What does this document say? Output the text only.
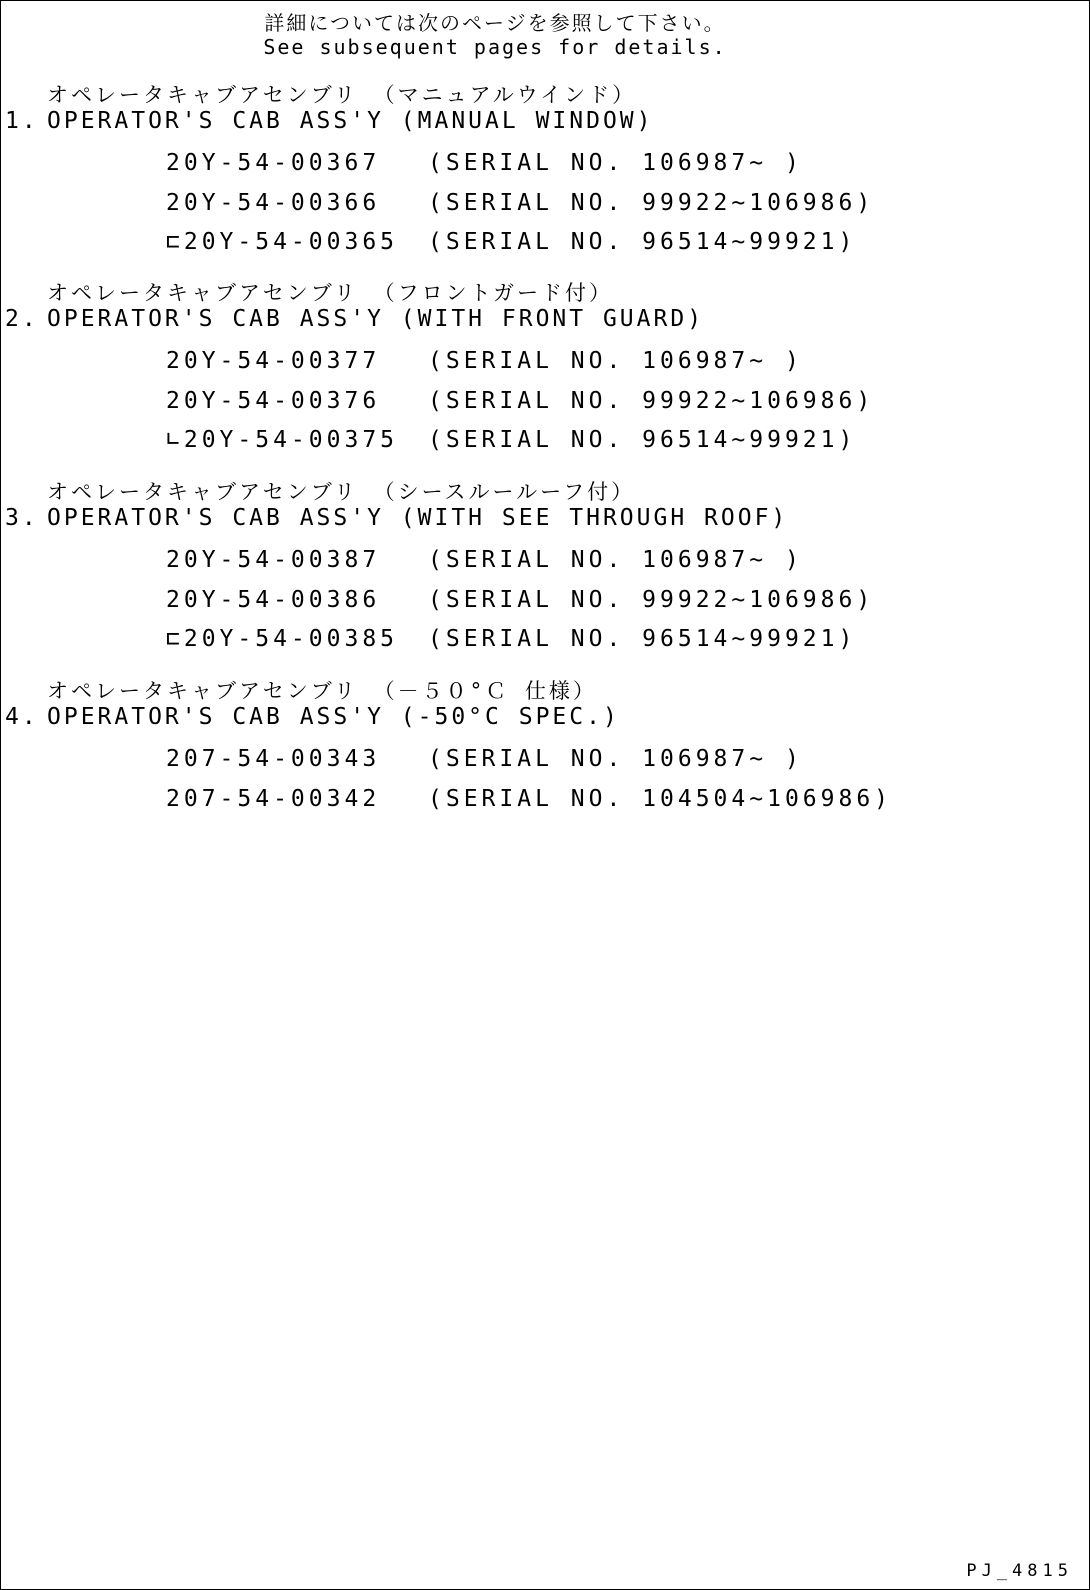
詳細については次のページを参照して下さい。
See subsequent pages for details.
オペレータキャブアセンブリ （マニュアルウインド）
1. OPERATOR'S CAB ASS'Y (MANUAL WINDOW)
20Y-54-00367 (SERIAL NO. 106987~ )
20Y-54-00366 (SERIAL NO. 99922~106986)
⊏20Y-54-00365 (SERIAL NO. 96514~99921)
オペレータキャブアセンブリ （フロントガード付）
2. OPERATOR'S CAB ASS'Y (WITH FRONT GUARD)
20Y-54-00377 (SERIAL NO. 106987~ )
20Y-54-00376 (SERIAL NO. 99922~106986)
∟20Y-54-00375 (SERIAL NO. 96514~99921)
オペレータキャブアセンブリ （シースルールーフ付）
3. OPERATOR'S CAB ASS'Y (WITH SEE THROUGH ROOF)
20Y-54-00387 (SERIAL NO. 106987~ )
20Y-54-00386 (SERIAL NO. 99922~106986)
⊏20Y-54-00385 (SERIAL NO. 96514~99921)
オペレータキャブアセンブリ （－５０°Ｃ 仕様）
4. OPERATOR'S CAB ASS'Y (-50°C SPEC.)
207-54-00343 (SERIAL NO. 106987~ )
207-54-00342 (SERIAL NO. 104504~106986)
PJ_4815
